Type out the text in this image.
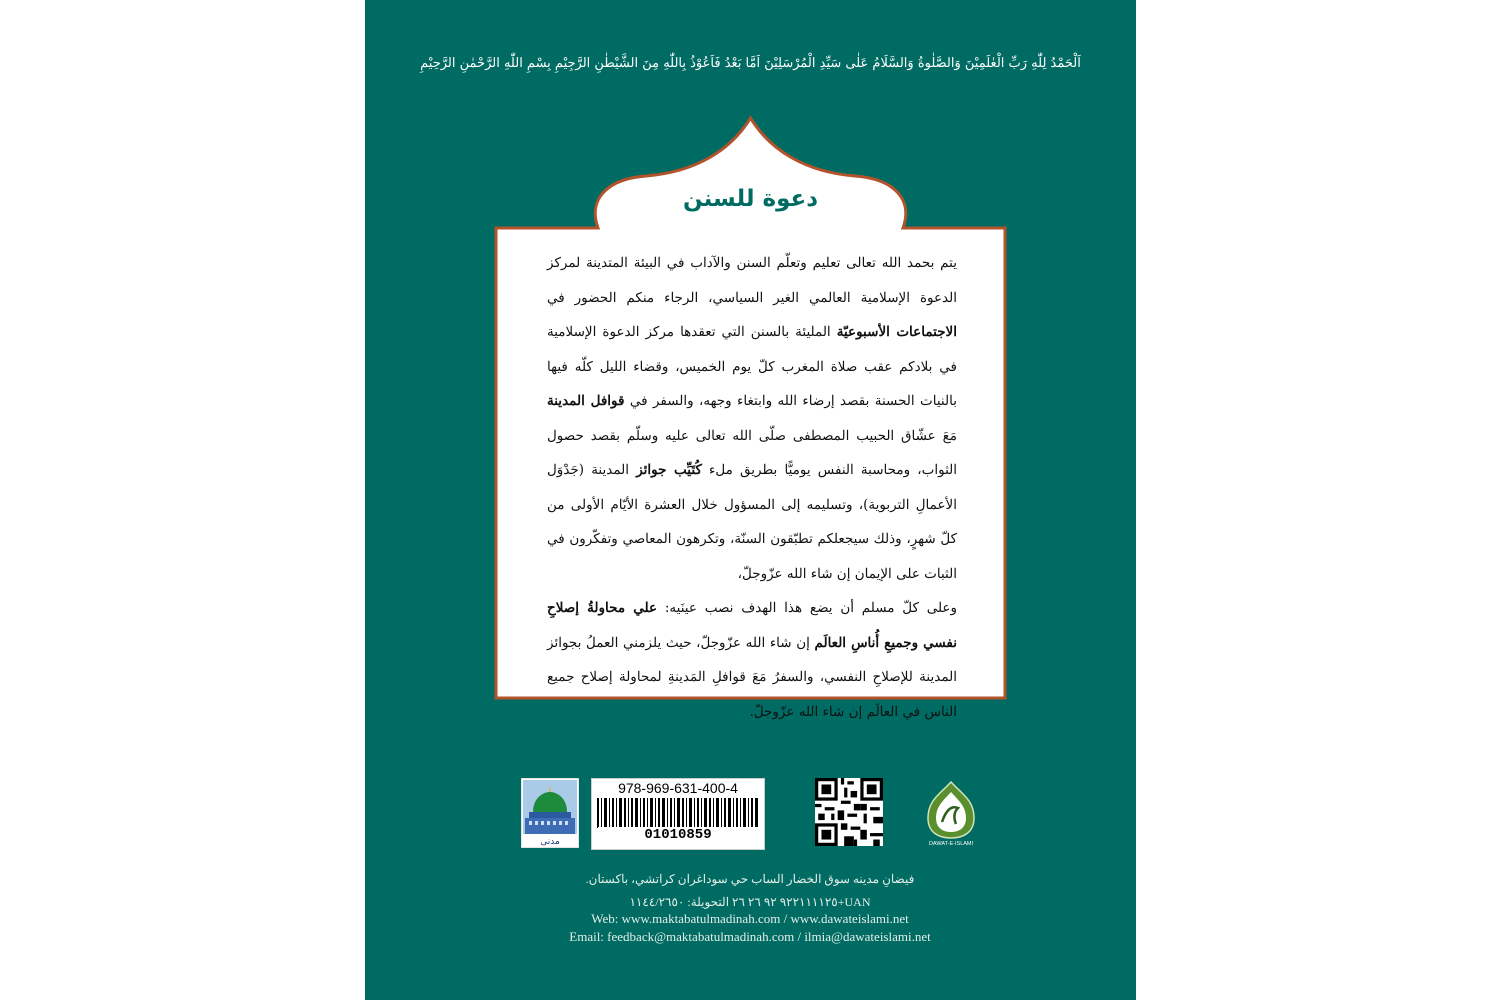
اَلْحَمْدُ لِلّٰهِ رَبِّ الْعٰلَمِيْنَ وَالصَّلٰوةُ وَالسَّلَامُ عَلٰى سَيِّدِ الْمُرْسَلِيْنَ اَمَّا بَعْدُ فَاَعُوْذُ بِاللّٰهِ مِنَ الشَّيْطٰنِ الرَّجِيْمِ بِسْمِ اللّٰهِ الرَّحْمٰنِ الرَّحِيْمِ
دعوة للسنن

يتم بحمد الله تعالى تعليم وتعلّم السنن والآداب في البيئة المتدينة لمركز الدعوة الإسلامية العالمي الغير السياسي، الرجاء منكم الحضور في الاجتماعات الأسبوعيّة المليئة بالسنن التي تعقدها مركز الدعوة الإسلامية في بلادكم عقب صلاة المغرب كلّ يوم الخميس، وقضاء الليل كلّه فيها بالنيات الحسنة بقصد إرضاء الله وابتغاء وجهه، والسفر في قوافل المدينة مَعَ عشّاق الحبيب المصطفى صلّى الله تعالى عليه وسلّم بقصد حصول الثواب، ومحاسبة النفس يوميًّا بطريق ملء كُتَيِّب جوائز المدينة (جَدْوَل الأعمالِ التربوية)، وتسليمه إلى المسؤول خلال العشرة الأيّام الأولى من كلّ شهرٍ، وذلك سيجعلكم تطبّقون السنّة، وتكرهون المعاصي وتفكّرون في الثبات على الإيمان إن شاء الله عزّوجلّ،

وعلى كلّ مسلم أن يضع هذا الهدف نصب عينَيه: علي محاولةُ إصلاحِ نفسي وجميعِ أُناسِ العالَم إن شاء الله عزّوجلّ، حيث يلزمني العملُ بجوائز المدينة للإصلاحِ النفسي، والسفرُ مَعَ قوافلِ المَدينةِ لمحاولة إصلاح جميع الناس في العالَم إن شاء الله عزّوجلّ.

DAWAT-E-ISLAMI
978-969-631-400-4
01010859
مدنی
فيضانِ مدينه سوق الخضار الساب حي سوداغران كراتشي، باكستان.
UAN+٩٢٢١١١١٢٥ ٩٢ ٢٦ ٢٦ التحويلة: ١١٤٤/٢٦٥٠
Web: www.maktabatulmadinah.com / www.dawateislami.net
Email: feedback@maktabatulmadinah.com / ilmia@dawateislami.net
